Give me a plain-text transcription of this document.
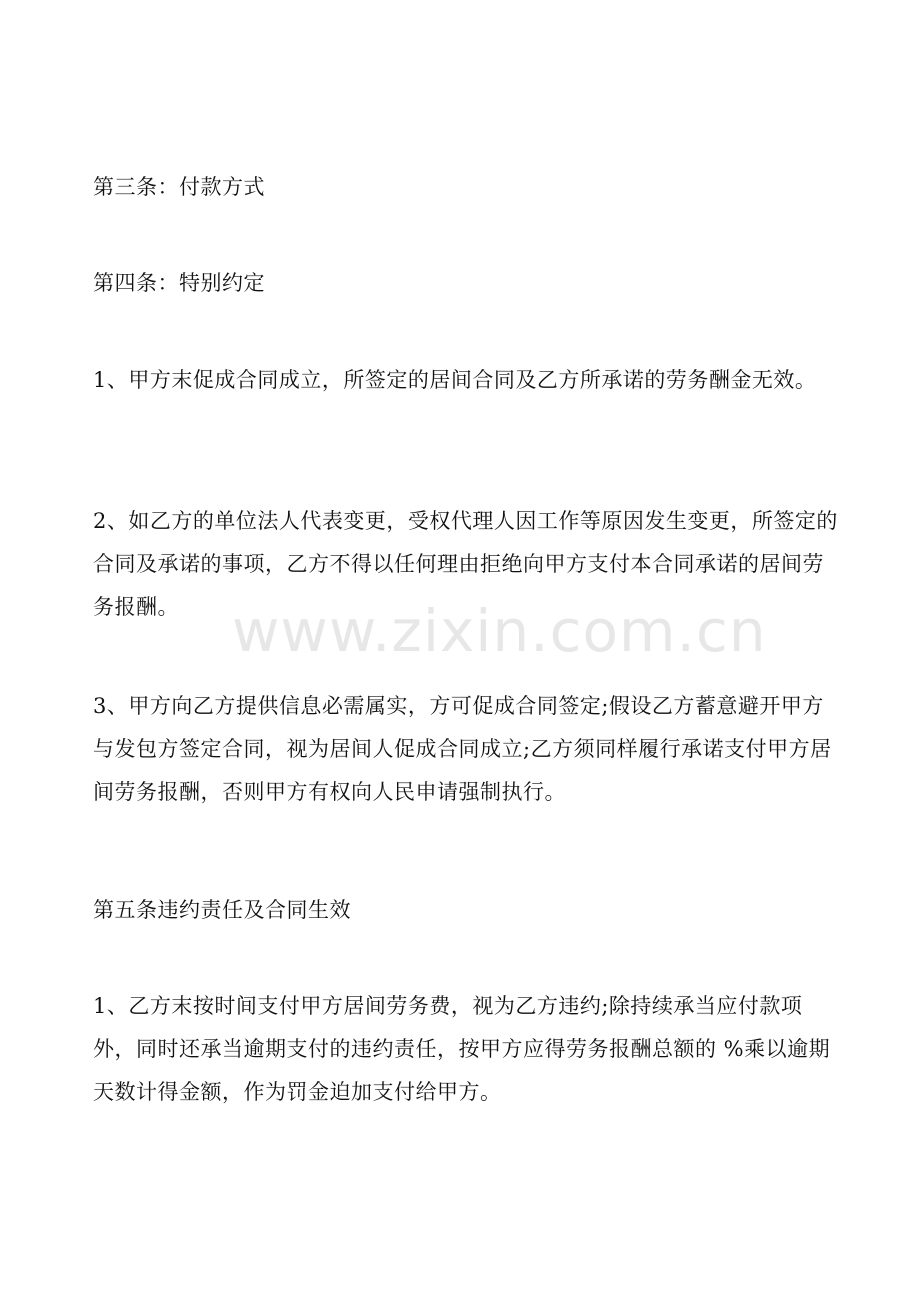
第三条：付款方式

第四条：特别约定

1、甲方末促成合同成立，所签定的居间合同及乙方所承诺的劳务酬金无效。

2、如乙方的单位法人代表变更，受权代理人因工作等原因发生变更，所签定的合同及承诺的事项，乙方不得以任何理由拒绝向甲方支付本合同承诺的居间劳务报酬。

3、甲方向乙方提供信息必需属实，方可促成合同签定;假设乙方蓄意避开甲方与发包方签定合同，视为居间人促成合同成立;乙方须同样履行承诺支付甲方居间劳务报酬，否则甲方有权向人民申请强制执行。

第五条违约责任及合同生效

1、乙方末按时间支付甲方居间劳务费，视为乙方违约;除持续承当应付款项外，同时还承当逾期支付的违约责任，按甲方应得劳务报酬总额的 %乘以逾期天数计得金额，作为罚金迫加支付给甲方。

www.zixin.com.cn
